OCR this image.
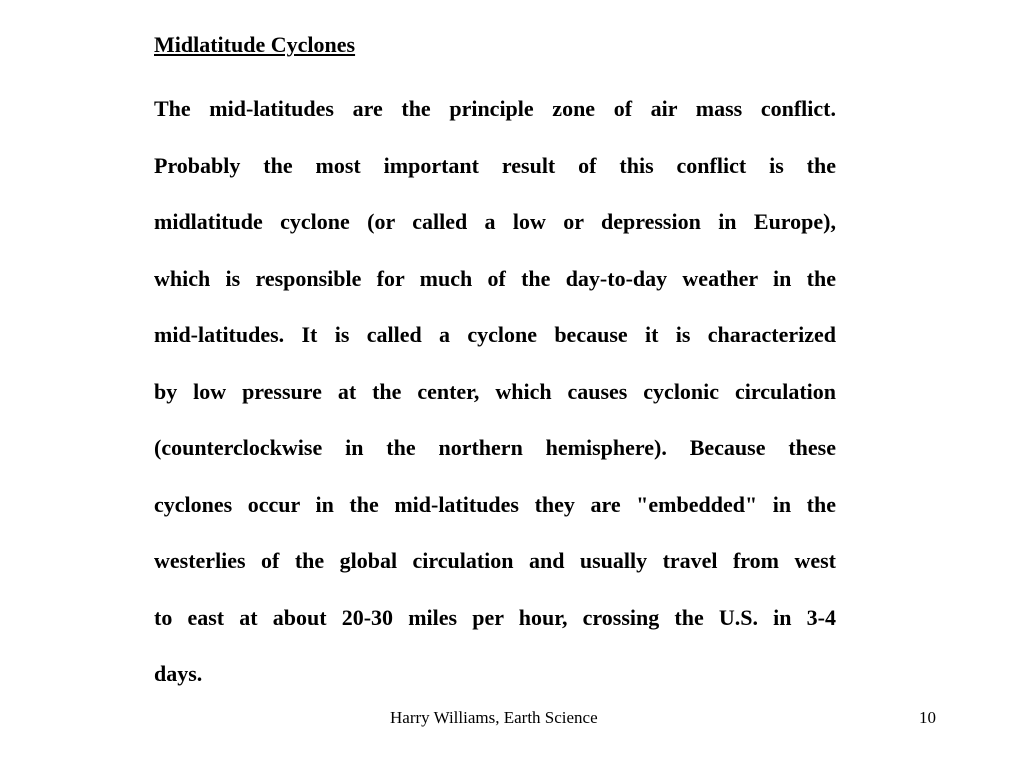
Midlatitude Cyclones
The mid-latitudes are the principle zone of air mass conflict.
Probably the most important result of this conflict is the
midlatitude cyclone (or called a low or depression in Europe),
which is responsible for much of the day-to-day weather in the
mid-latitudes. It is called a cyclone because it is characterized
by low pressure at the center, which causes cyclonic circulation
(counterclockwise in the northern hemisphere). Because these
cyclones occur in the mid-latitudes they are "embedded" in the
westerlies of the global circulation and usually travel from west
to east at about 20-30 miles per hour, crossing the U.S. in 3-4
days.
Harry Williams, Earth Science	10
